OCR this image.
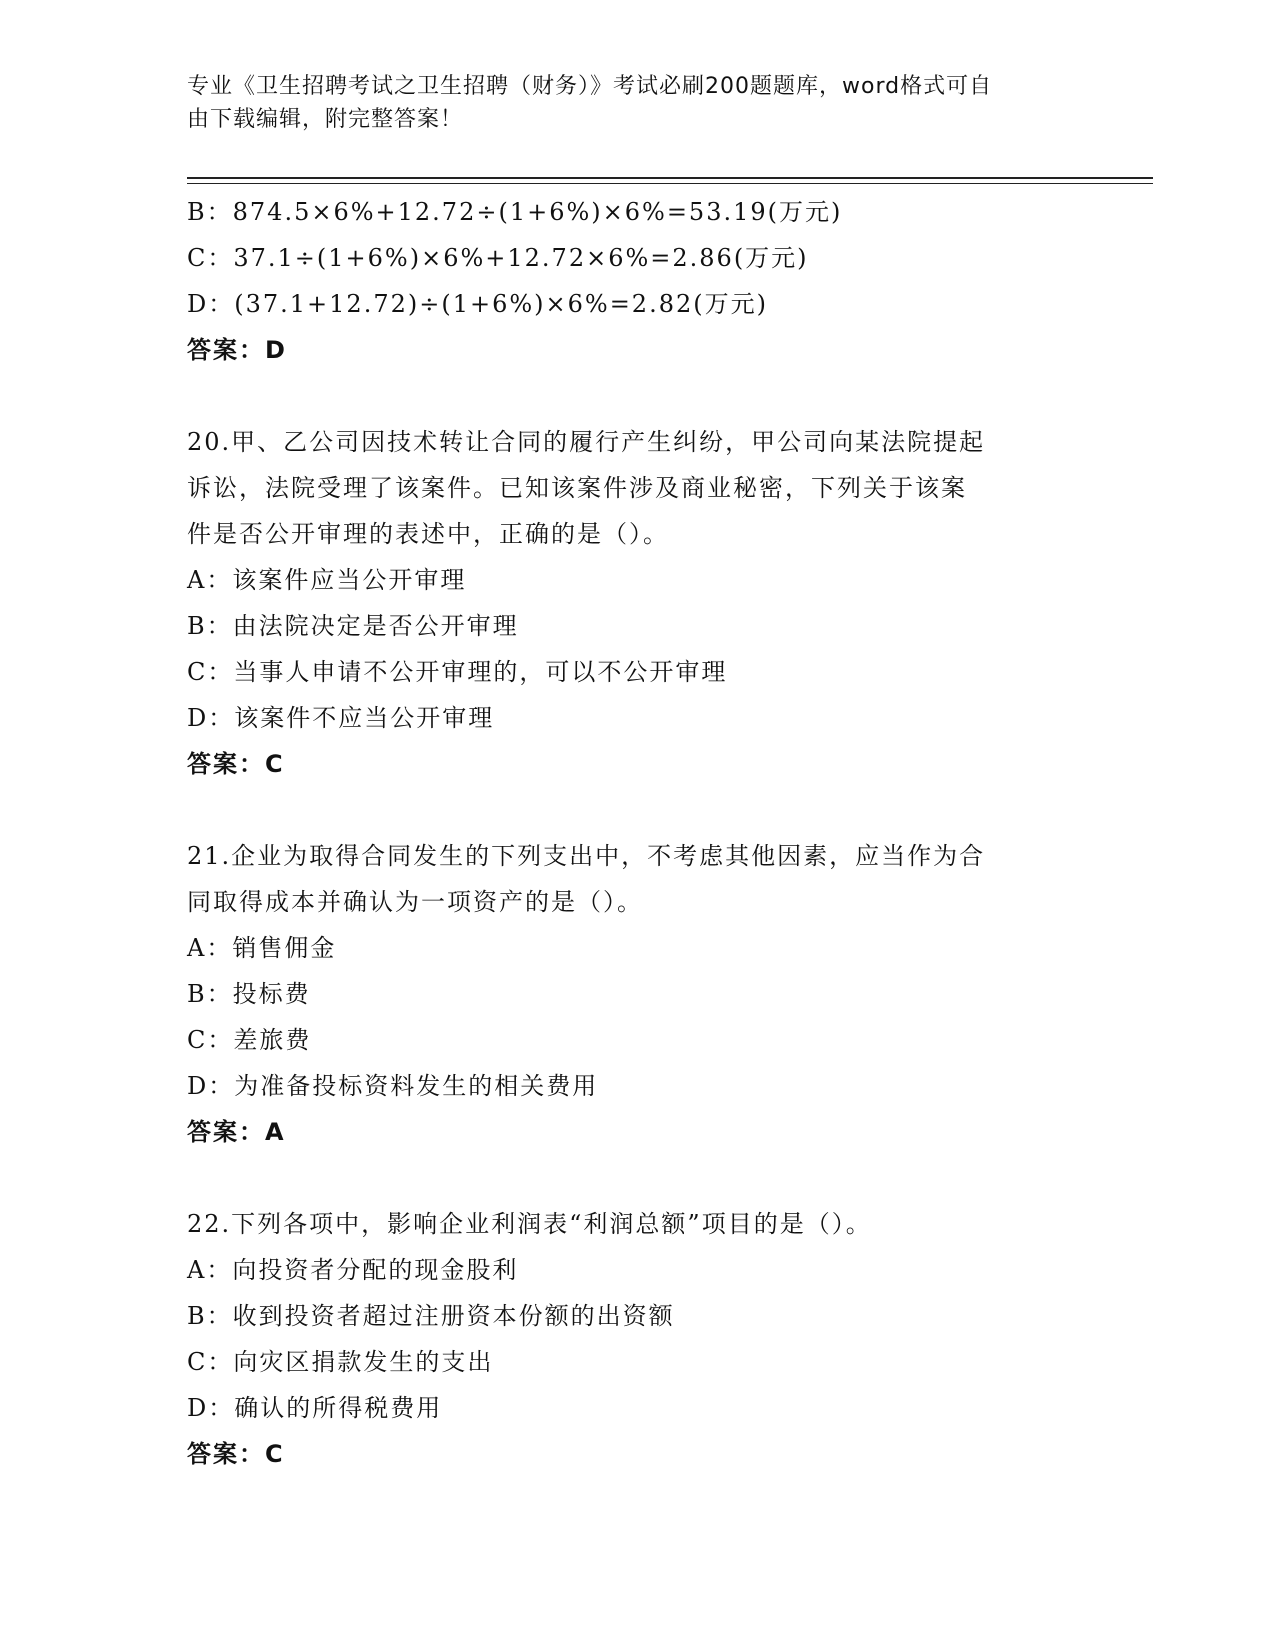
专业《卫生招聘考试之卫生招聘（财务）》考试必刷200题题库，word格式可自
由下载编辑，附完整答案！
B：874.5×6%+12.72÷(1+6%)×6%=53.19(万元)
C：37.1÷(1+6%)×6%+12.72×6%=2.86(万元)
D：(37.1+12.72)÷(1+6%)×6%=2.82(万元)
答案：D
20.甲、乙公司因技术转让合同的履行产生纠纷，甲公司向某法院提起
诉讼，法院受理了该案件。已知该案件涉及商业秘密，下列关于该案
件是否公开审理的表述中，正确的是（）。
A：该案件应当公开审理
B：由法院决定是否公开审理
C：当事人申请不公开审理的，可以不公开审理
D：该案件不应当公开审理
答案：C
21.企业为取得合同发生的下列支出中，不考虑其他因素，应当作为合
同取得成本并确认为一项资产的是（）。
A：销售佣金
B：投标费
C：差旅费
D：为准备投标资料发生的相关费用
答案：A
22.下列各项中，影响企业利润表“利润总额”项目的是（）。
A：向投资者分配的现金股利
B：收到投资者超过注册资本份额的出资额
C：向灾区捐款发生的支出
D：确认的所得税费用
答案：C
